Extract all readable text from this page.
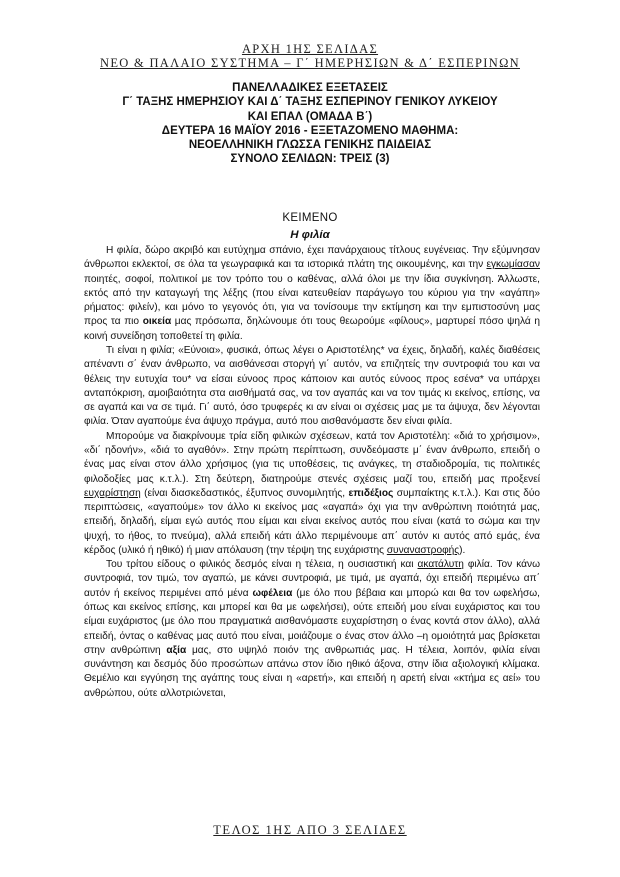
ΑΡΧΗ 1ΗΣ ΣΕΛΙΔΑΣ
ΝΕΟ & ΠΑΛΑΙΟ ΣΥΣΤΗΜΑ – Γ΄ ΗΜΕΡΗΣΙΩΝ & Δ΄ ΕΣΠΕΡΙΝΩΝ
ΠΑΝΕΛΛΑΔΙΚΕΣ ΕΞΕΤΑΣΕΙΣ
Γ΄ ΤΑΞΗΣ ΗΜΕΡΗΣΙΟΥ ΚΑΙ Δ΄ ΤΑΞΗΣ ΕΣΠΕΡΙΝΟΥ ΓΕΝΙΚΟΥ ΛΥΚΕΙΟΥ
ΚΑΙ ΕΠΑΛ (ΟΜΑΔΑ Β΄)
ΔΕΥΤΕΡΑ 16 ΜΑΪΟΥ 2016 - ΕΞΕΤΑΖΟΜΕΝΟ ΜΑΘΗΜΑ:
ΝΕΟΕΛΛΗΝΙΚΗ ΓΛΩΣΣΑ ΓΕΝΙΚΗΣ ΠΑΙΔΕΙΑΣ
ΣΥΝΟΛΟ ΣΕΛΙΔΩΝ: ΤΡΕΙΣ (3)
ΚΕΙΜΕΝΟ
Η φιλία

Η φιλία, δώρο ακριβό και ευτύχημα σπάνιο, έχει πανάρχαιους τίτλους ευγένειας. Την εξύμνησαν άνθρωποι εκλεκτοί, σε όλα τα γεωγραφικά και τα ιστορικά πλάτη της οικουμένης, και την εγκωμίασαν ποιητές, σοφοί, πολιτικοί με τον τρόπο του ο καθένας, αλλά όλοι με την ίδια συγκίνηση. Άλλωστε, εκτός από την καταγωγή της λέξης (που είναι κατευθείαν παράγωγο του κύριου για την «αγάπη» ρήματος: φιλείν), και μόνο το γεγονός ότι, για να τονίσουμε την εκτίμηση και την εμπιστοσύνη μας προς τα πιο οικεία μας πρόσωπα, δηλώνουμε ότι τους θεωρούμε «φίλους», μαρτυρεί πόσο ψηλά η κοινή συνείδηση τοποθετεί τη φιλία.

Τι είναι η φιλία; «Εύνοια», φυσικά, όπως λέγει ο Αριστοτέλης* να έχεις, δηλαδή, καλές διαθέσεις απέναντι σ΄ έναν άνθρωπο, να αισθάνεσαι στοργή γι΄ αυτόν, να επιζητείς την συντροφιά του και να θέλεις την ευτυχία του* να είσαι εύνοος προς κάποιον και αυτός εύνοος προς εσένα* να υπάρχει ανταπόκριση, αμοιβαιότητα στα αισθήματά σας, να τον αγαπάς και να τον τιμάς κι εκείνος, επίσης, να σε αγαπά και να σε τιμά. Γι΄ αυτό, όσο τρυφερές κι αν είναι οι σχέσεις μας με τα άψυχα, δεν λέγονται φιλία. Όταν αγαπούμε ένα άψυχο πράγμα, αυτό που αισθανόμαστε δεν είναι φιλία.

Μπορούμε να διακρίνουμε τρία είδη φιλικών σχέσεων, κατά τον Αριστοτέλη: «διά το χρήσιμον», «δι΄ ηδονήν», «διά το αγαθόν». Στην πρώτη περίπτωση, συνδεόμαστε μ΄ έναν άνθρωπο, επειδή ο ένας μας είναι στον άλλο χρήσιμος (για τις υποθέσεις, τις ανάγκες, τη σταδιοδρομία, τις πολιτικές φιλοδοξίες μας κ.τ.λ.). Στη δεύτερη, διατηρούμε στενές σχέσεις μαζί του, επειδή μας προξενεί ευχαρίστηση (είναι διασκεδαστικός, έξυπνος συνομιλητής, επιδέξιος συμπαίκτης κ.τ.λ.). Και στις δύο περιπτώσεις, «αγαπούμε» τον άλλο κι εκείνος μας «αγαπά» όχι για την ανθρώπινη ποιότητά μας, επειδή, δηλαδή, είμαι εγώ αυτός που είμαι και είναι εκείνος αυτός που είναι (κατά το σώμα και την ψυχή, το ήθος, το πνεύμα), αλλά επειδή κάτι άλλο περιμένουμε απ΄ αυτόν κι αυτός από εμάς, ένα κέρδος (υλικό ή ηθικό) ή μιαν απόλαυση (την τέρψη της ευχάριστης συναναστροφής).

Του τρίτου είδους ο φιλικός δεσμός είναι η τέλεια, η ουσιαστική και ακατάλυτη φιλία. Τον κάνω συντροφιά, τον τιμώ, τον αγαπώ, με κάνει συντροφιά, με τιμά, με αγαπά, όχι επειδή περιμένω απ΄ αυτόν ή εκείνος περιμένει από μένα ωφέλεια (με όλο που βέβαια και μπορώ και θα τον ωφελήσω, όπως και εκείνος επίσης, και μπορεί και θα με ωφελήσει), ούτε επειδή μου είναι ευχάριστος και του είμαι ευχάριστος (με όλο που πραγματικά αισθανόμαστε ευχαρίστηση ο ένας κοντά στον άλλο), αλλά επειδή, όντας ο καθένας μας αυτό που είναι, μοιάζουμε ο ένας στον άλλο –η ομοιότητά μας βρίσκεται στην ανθρώπινη αξία μας, στο υψηλό ποιόν της ανθρωπιάς μας. Η τέλεια, λοιπόν, φιλία είναι συνάντηση και δεσμός δύο προσώπων απάνω στον ίδιο ηθικό άξονα, στην ίδια αξιολογική κλίμακα. Θεμέλιο και εγγύηση της αγάπης τους είναι η «αρετή», και επειδή η αρετή είναι «κτήμα ες αεί» του ανθρώπου, ούτε αλλοτριώνεται,

ΤΕΛΟΣ 1ΗΣ ΑΠΟ 3 ΣΕΛΙΔΕΣ
